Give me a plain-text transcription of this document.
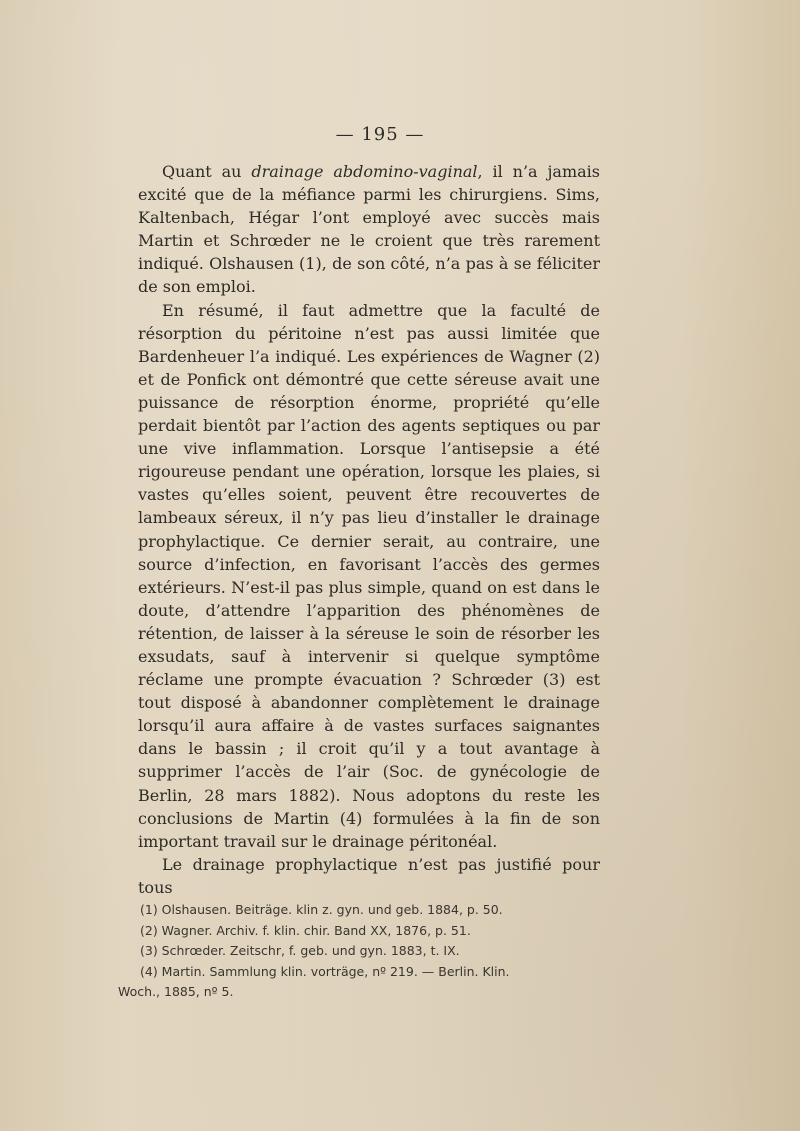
— 195 —

Quant au drainage abdomino-vaginal, il n’a jamais excité que de la méfiance parmi les chirurgiens. Sims, Kaltenbach, Hégar l’ont employé avec succès mais Martin et Schrœder ne le croient que très rarement indiqué. Olshausen (1), de son côté, n’a pas à se féliciter de son emploi.

En résumé, il faut admettre que la faculté de résorption du péritoine n’est pas aussi limitée que Bardenheuer l’a indiqué. Les expériences de Wagner (2) et de Ponfick ont démontré que cette séreuse avait une puissance de résorption énorme, propriété qu’elle perdait bientôt par l’action des agents septiques ou par une vive inflammation. Lorsque l’antisepsie a été rigoureuse pendant une opération, lorsque les plaies, si vastes qu’elles soient, peuvent être recouvertes de lambeaux séreux, il n’y pas lieu d’installer le drainage prophylactique. Ce dernier serait, au contraire, une source d’infection, en favorisant l’accès des germes extérieurs. N’est-il pas plus simple, quand on est dans le doute, d’attendre l’apparition des phénomènes de rétention, de laisser à la séreuse le soin de résorber les exsudats, sauf à intervenir si quelque symptôme réclame une prompte évacuation ? Schrœder (3) est tout disposé à abandonner complètement le drainage lorsqu’il aura affaire à de vastes surfaces saignantes dans le bassin ; il croit qu’il y a tout avantage à supprimer l’accès de l’air (Soc. de gynécologie de Berlin, 28 mars 1882). Nous adoptons du reste les conclusions de Martin (4) formulées à la fin de son important travail sur le drainage péritonéal.

Le drainage prophylactique n’est pas justifié pour tous

(1) Olshausen. Beiträge. klin z. gyn. und geb. 1884, p. 50.
(2) Wagner. Archiv. f. klin. chir. Band XX, 1876, p. 51.
(3) Schrœder. Zeitschr, f. geb. und gyn. 1883, t. IX.
(4) Martin. Sammlung klin. vorträge, nº 219. — Berlin. Klin.
Woch., 1885, nº 5.
